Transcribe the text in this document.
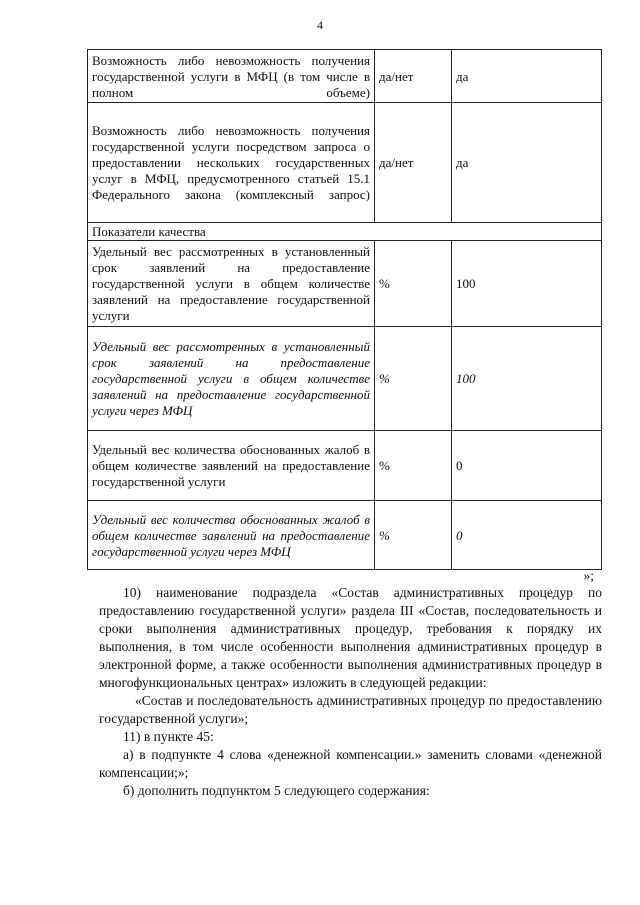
4
Возможность либо невозможность получения государственной услуги в МФЦ (в том числе в полном объеме)	да/нет	да
Возможность либо невозможность получения государственной услуги посредством запроса о предоставлении нескольких государственных услуг в МФЦ, предусмотренного статьей 15.1 Федерального закона (комплексный запрос)	да/нет	да
Показатели качества		
Удельный вес рассмотренных в установленный срок заявлений на предоставление государственной услуги в общем количестве заявлений на предоставление государственной услуги	%	100
Удельный вес рассмотренных в установленный срок заявлений на предоставление государственной услуги в общем количестве заявлений на предоставление государственной услуги через МФЦ	%	100
Удельный вес количества обоснованных жалоб в общем количестве заявлений на предоставление государственной услуги	%	0
Удельный вес количества обоснованных жалоб в общем количестве заявлений на предоставление государственной услуги через МФЦ	%	0
»;

10) наименование подраздела «Состав административных процедур по предоставлению государственной услуги» раздела III «Состав, последовательность и сроки выполнения административных процедур, требования к порядку их выполнения, в том числе особенности выполнения административных процедур в электронной форме, а также особенности выполнения административных процедур в многофункциональных центрах» изложить в следующей редакции:

«Состав и последовательность административных процедур по предоставлению государственной услуги»;

11) в пункте 45:

а) в подпункте 4 слова «денежной компенсации.» заменить словами «денежной компенсации;»;

б) дополнить подпунктом 5 следующего содержания:
